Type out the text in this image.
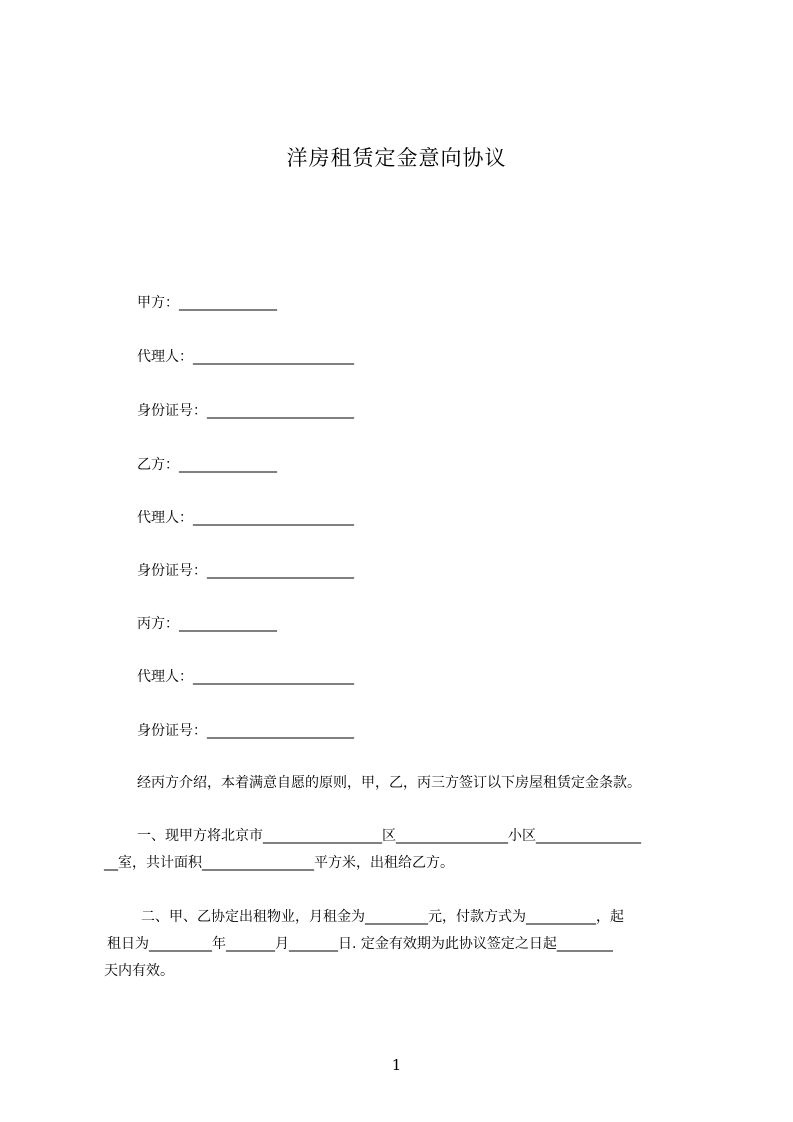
洋房租赁定金意向协议
甲方：______________
代理人：_______________________
身份证号：_____________________
乙方：______________
代理人：_______________________
身份证号：_____________________
丙方：______________
代理人：_______________________
身份证号：_____________________
经丙方介绍，本着满意自愿的原则，甲，乙，丙三方签订以下房屋租赁定金条款。
一、现甲方将北京市_________________区________________小区_______________
__室，共计面积________________平方米，出租给乙方。
二、甲、乙协定出租物业，月租金为_________元，付款方式为__________，起
租日为_________年_______月_______日. 定金有效期为此协议签定之日起________
天内有效。
1
